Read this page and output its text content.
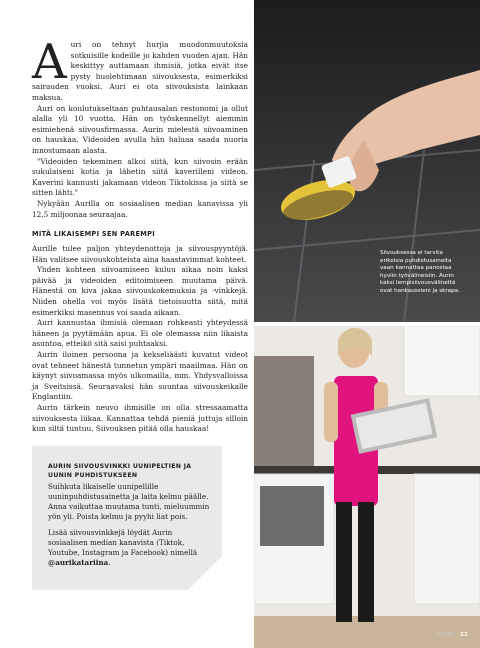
A uri on tehnyt hurjia muodonmuutoksia sotkuisille kodeille jo kahden vuoden ajan. Hän keskittyy auttamaan ihmisiä, jotka eivät itse pysty huolehtimaan siivouksesta, esimerkiksi sairauden vuoksi. Auri ei ota siivouksista lainkaan maksua.

Auri on koulutukseltaan puhtausalan restonomi ja ollut alalla yli 10 vuotta. Hän on työskennellyt aiemmin esimiehenä siivousfirmassa. Aurin mielestä siivoaminen on hauskaa. Videoiden avulla hän haluaa saada nuoria innostumaan alasta.

"Videoiden tekeminen alkoi siitä, kun siivosin erään sukulaiseni kotia ja lähetin siitä kaverilleni videon. Kaverini kannusti jakamaan videon Tiktokissa ja siitä se sitten lähti."

Nykyään Aurilla on sosiaalisen median kanavissa yli 12,5 miljoonaa seuraajaa.

MITÄ LIKAISEMPI SEN PAREMPI

Aurille tulee paljon yhteydenottoja ja siivouspyyntöjä. Hän valitsee siivouskohteista aina haastavimmat kohteet.

Yhden kohteen siivoamiseen kuluu aikaa noin kaksi päivää ja videoiden editoimiseen muutama päivä. Hänestä on kiva jakaa siivouskokemuksia ja -vinkkejä. Niiden ohella voi myös lisätä tietoisuutta siitä, mitä esimerkiksi masennus voi saada aikaan.

Auri kannustaa ihmisiä olemaan rohkeasti yhteydessä häneen ja pyytämään apua. Ei ole olemassa niin likaista asuntoa, etteikö sitä saisi puhtaaksi.

Aurin iloinen persoona ja kekseliäästi kuvatut videot ovat tehneet hänestä tunnetun ympäri maailmaa. Hän on käynyt siivoamassa myös ulkomailla, mm. Yhdysvalloissa ja Sveitsissä. Seuraavaksi hän suuntaa siivouskeikalle Englantiin.

Aurin tärkein neuvo ihmisille on olla stressaamatta siivouksesta liikaa. Kannattaa tehdä pieniä juttuja silloin kun siltä tuntuu. Siivouksen pitää olla hauskaa!

AURIN SIIVOUSVINKKI UUNIPELTIEN JA
UUNIN PUHDISTUKSEEN

Suihkuta likaiselle uunipellille uuninpuhdistusainetta ja laita kelmu päälle. Anna vaikuttaa muutama tunti, mieluummin yön yli. Poista kelmu ja pyyhi liat pois.

Lisää siivousvinkkejä löydät Aurin sosiaalisen median kanavista (Tiktok, Youtube, Instagram ja Facebook) nimellä @aurikatariina.

Siivouksessa ei tarvita erikoisia puhdistusaineita vaan kannattaa panostaa hyviin työvälineisiin. Aurin kaksi lempisiivousvälinettä ovat hankaussieni ja skrapa.
SUOMI 21
